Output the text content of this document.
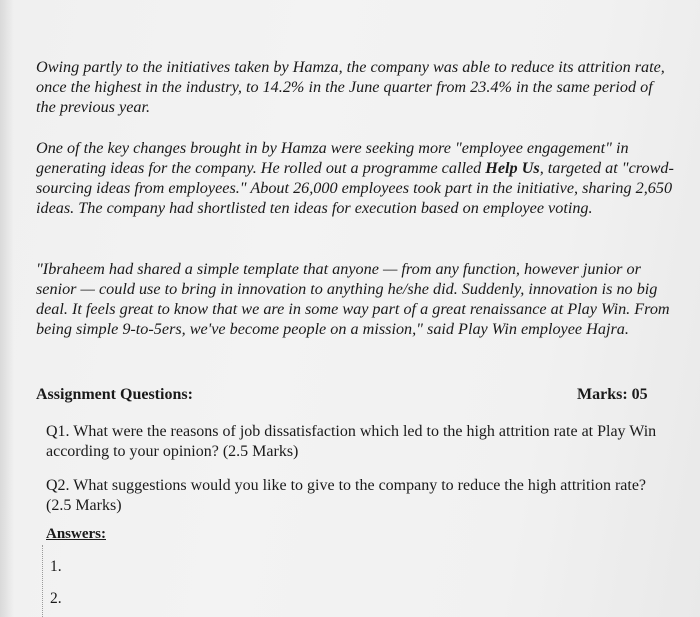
Owing partly to the initiatives taken by Hamza, the company was able to reduce its attrition rate, once the highest in the industry, to 14.2% in the June quarter from 23.4% in the same period of the previous year.

One of the key changes brought in by Hamza were seeking more "employee engagement" in generating ideas for the company. He rolled out a programme called Help Us, targeted at "crowd-sourcing ideas from employees." About 26,000 employees took part in the initiative, sharing 2,650 ideas. The company had shortlisted ten ideas for execution based on employee voting.

"Ibraheem had shared a simple template that anyone — from any function, however junior or senior — could use to bring in innovation to anything he/she did. Suddenly, innovation is no big deal. It feels great to know that we are in some way part of a great renaissance at Play Win. From being simple 9-to-5ers, we've become people on a mission," said Play Win employee Hajra.

Assignment Questions:	Marks: 05
Q1. What were the reasons of job dissatisfaction which led to the high attrition rate at Play Win according to your opinion? (2.5 Marks)
Q2. What suggestions would you like to give to the company to reduce the high attrition rate? (2.5 Marks)
Answers:
1.
2.
